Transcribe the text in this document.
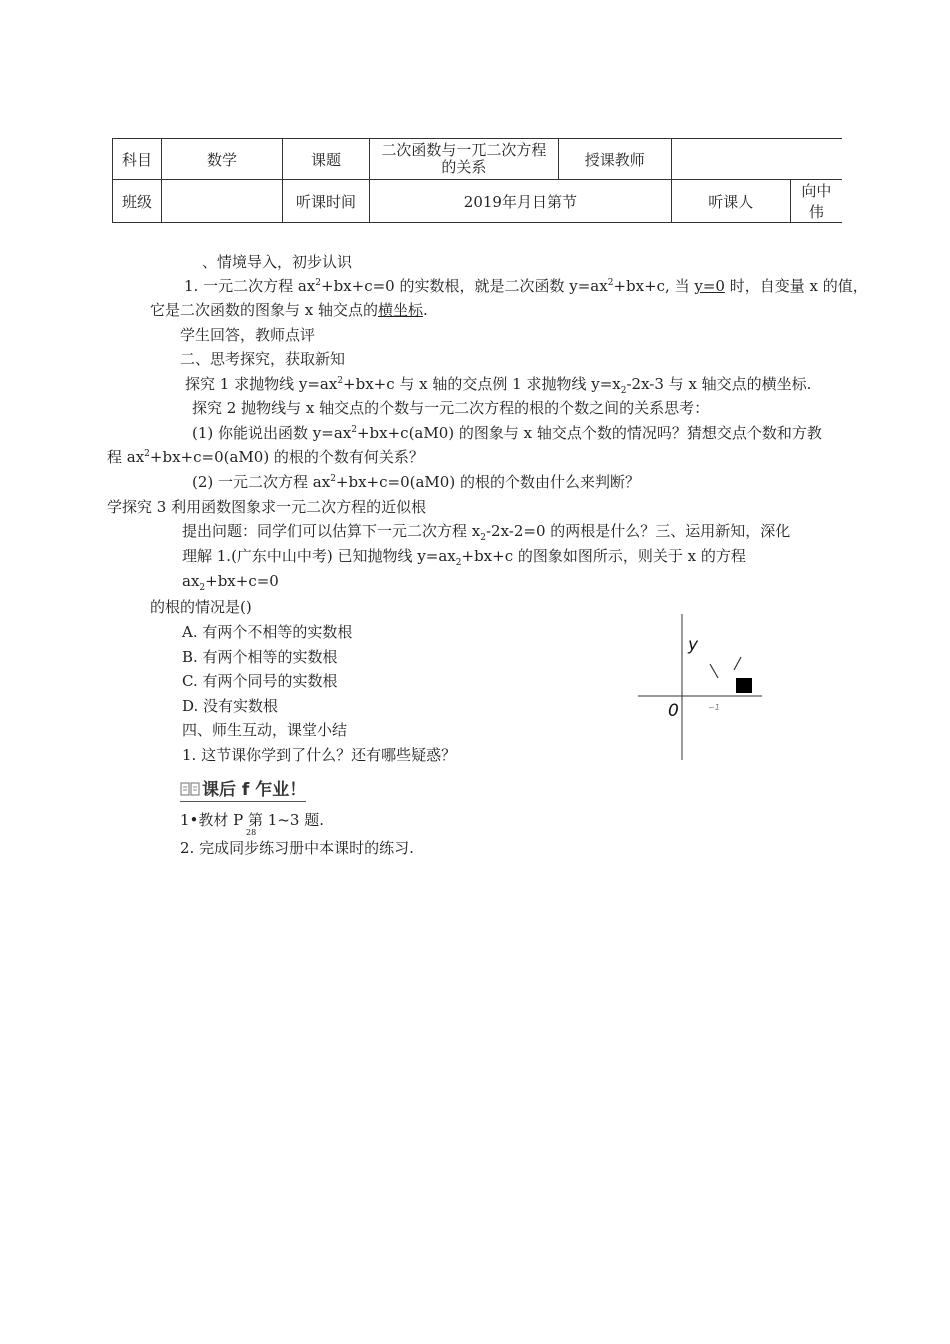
科目	数学	课题	二次函数与一兀二次方程的关系	授课教师		
班级		听课时间	2019年月日第节		听课人	向中伟
、情境导入，初步认识
1. 一元二次方程 $ax^2+bx+c=0$ 的实数根，就是二次函数 $y=ax^2+bx+c$, 当 y=0 时，自变量 x 的值，
它是二次函数的图象与 x 轴交点的横坐标.
学生回答，教师点评
二、思考探究，获取新知
探究 1 求抛物线 $y=ax^2+bx+c$ 与 x 轴的交点例 1 求抛物线 $y=x_2-2x-3$ 与 x 轴交点的横坐标.
探究 2 抛物线与 x 轴交点的个数与一元二次方程的根的个数之间的关系思考：
(1) 你能说出函数 $y=ax^2+bx+c(aM0)$ 的图象与 x 轴交点个数的情况吗？猜想交点个数和方教
程 $ax^2+bx+c=0(aM0)$ 的根的个数有何关系？
(2) 一元二次方程 $ax^2+bx+c=0(aM0)$ 的根的个数由什么来判断？
学探究 3 利用函数图象求一元二次方程的近似根
提出问题：同学们可以估算下一元二次方程 $x_2-2x-2=0$ 的两根是什么？三、运用新知，深化
理解 1.(广东中山中考) 已知抛物线 $y=ax_2+bx+c$ 的图象如图所示，则关于 x 的方程
$ax_2+bx+c=0$
的根的情况是()
A. 有两个不相等的实数根
B. 有两个相等的实数根
C. 有两个同号的实数根
D. 没有实数根
四、师生互动，课堂小结
1. 这节课你学到了什么？还有哪些疑惑？
课后 f 乍业！
1•教材 P 第 1~3 题.
28
2. 完成同步练习册中本课时的练习.
y
0	~1
